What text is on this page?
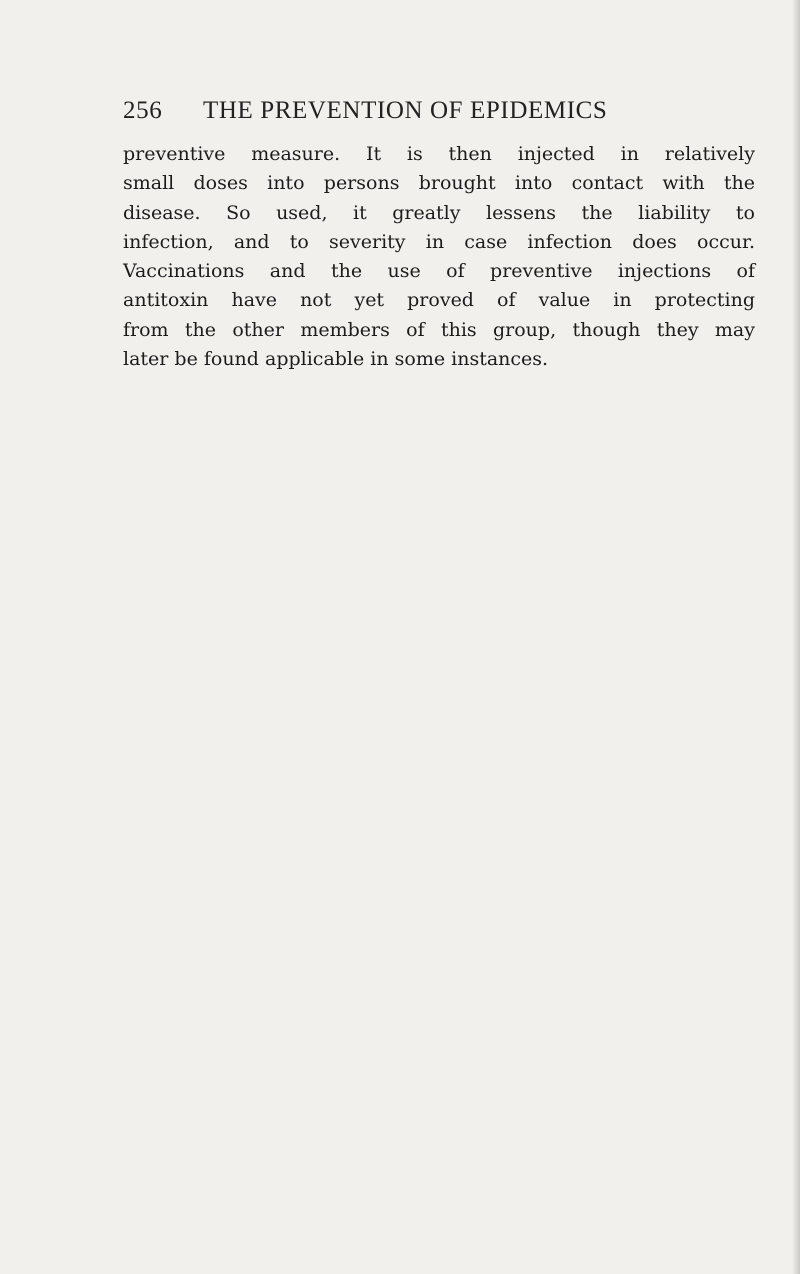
256	THE PREVENTION OF EPIDEMICS
preventive measure. It is then injected in relatively
small doses into persons brought into contact with the
disease. So used, it greatly lessens the liability to
infection, and to severity in case infection does occur.
Vaccinations and the use of preventive injections of
antitoxin have not yet proved of value in protecting
from the other members of this group, though they may
later be found applicable in some instances.
